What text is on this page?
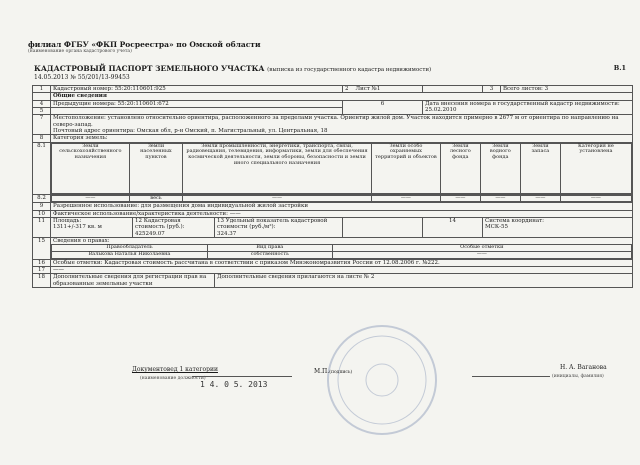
филиал ФГБУ «ФКП Росреестра» по Омской области
(наименование органа кадастрового учета)
КАДАСТРОВЫЙ ПАСПОРТ ЗЕМЕЛЬНОГО УЧАСТКА (выписка из государственного кадастра недвижимости)	В.1
14.05.2013 № 55/201/13-99453
1	Кадастровый номер: 55:20:110601:925	2 Лист №1		3	Всего листов: 3
	Общие сведения
4	Предыдущие номера: 55:20:110601:672	6	Дата внесения номера в государственный кадастр недвижимости: 25.02.2010
5	
7	Местоположение: установлено относительно ориентира, расположенного за пределами участка. Ориентир жилой дом. Участок находится примерно в 2677 м от ориентира по направлению на северо-запад.
Почтовый адрес ориентира: Омская обл, р-н Омский, п. Магистральный, ул. Центральная, 18

8	Категория земель:
8.1		Земли сельскохозяйственного назначения	Земли населенных пунктов	Земли промышленности, энергетики, транспорта, связи, радиовещания, телевидения, информатики, земли для обеспечения космической деятельности, земли обороны, безопасности и земли иного специального назначения	Земли особо охраняемых территорий и объектов	Земли лесного фонда	Земли водного фонда	Земли запаса	Категория не установлена

8.2		——	весь	——	——	——	——	——	——

9	Разрешенное использование: для размещения дома индивидуальной жилой застройки
10	Фактическое использование/характеристика деятельности: ——
11	Площадь:
1311+/-317 кв. м
	12 Кадастровая стоимость (руб.):
425249.07
	13 Удельный показатель кадастровой стоимости (руб./м²):
324.37
		14	Система координат:
МСК-55

15	Сведения о правах:
Правообладатель	Вид права	Особые отметки
Валькова Наталья Николаевна	собственность	——

16	Особые отметки: Кадастровая стоимость рассчитана в соответствии с приказом Минэкономразвития России от 12.08.2006 г. №222.
17	——
18	Дополнительные сведения для регистрации прав на образованные земельные участки	Дополнительные сведения прилагаются на листе № 2
Документовед 1 категории
(наименование должности)
1 4. 0 5. 2013
М.П.(подпись)
Н. А. Ваганова
(инициалы, фамилия)
